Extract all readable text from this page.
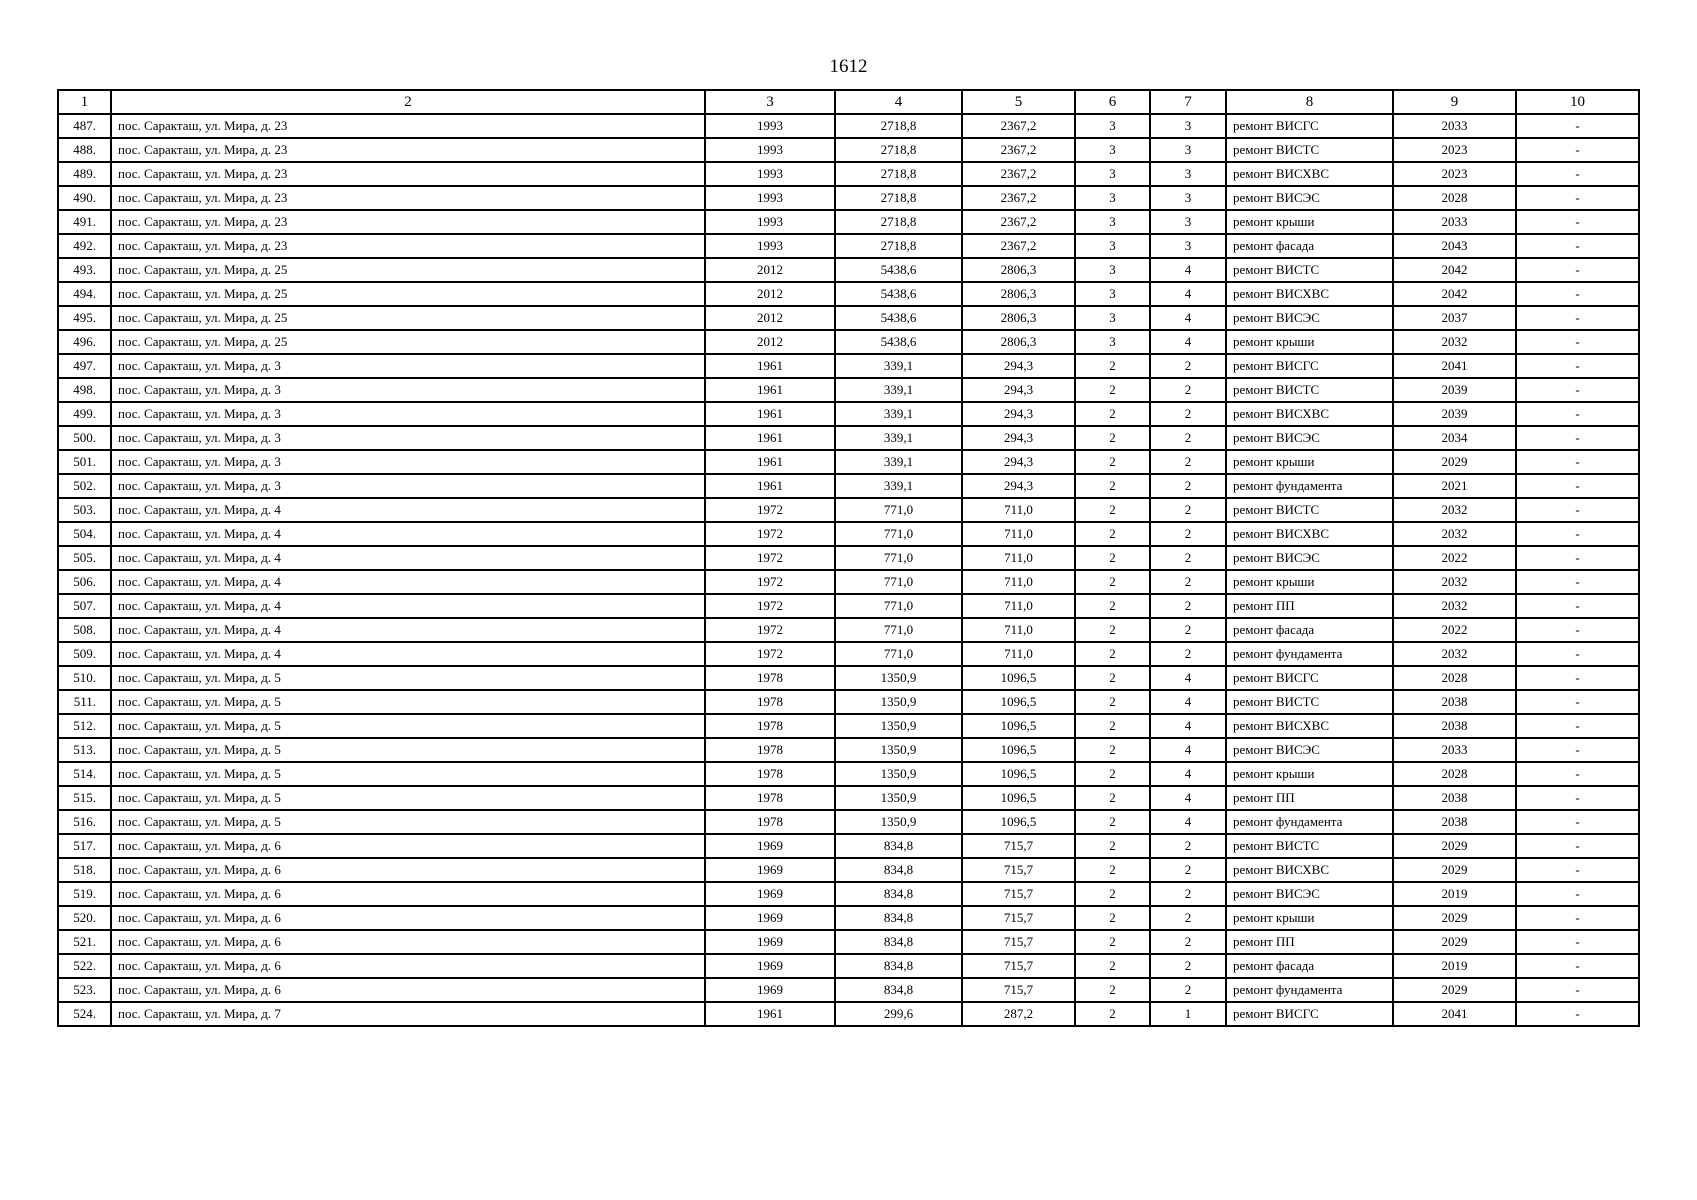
1612
1	2	3	4	5	6	7	8	9	10
487.	пос. Саракташ, ул. Мира, д. 23	1993	2718,8	2367,2	3	3	ремонт ВИСГС	2033	-
488.	пос. Саракташ, ул. Мира, д. 23	1993	2718,8	2367,2	3	3	ремонт ВИСТС	2023	-
489.	пос. Саракташ, ул. Мира, д. 23	1993	2718,8	2367,2	3	3	ремонт ВИСХВС	2023	-
490.	пос. Саракташ, ул. Мира, д. 23	1993	2718,8	2367,2	3	3	ремонт ВИСЭС	2028	-
491.	пос. Саракташ, ул. Мира, д. 23	1993	2718,8	2367,2	3	3	ремонт крыши	2033	-
492.	пос. Саракташ, ул. Мира, д. 23	1993	2718,8	2367,2	3	3	ремонт фасада	2043	-
493.	пос. Саракташ, ул. Мира, д. 25	2012	5438,6	2806,3	3	4	ремонт ВИСТС	2042	-
494.	пос. Саракташ, ул. Мира, д. 25	2012	5438,6	2806,3	3	4	ремонт ВИСХВС	2042	-
495.	пос. Саракташ, ул. Мира, д. 25	2012	5438,6	2806,3	3	4	ремонт ВИСЭС	2037	-
496.	пос. Саракташ, ул. Мира, д. 25	2012	5438,6	2806,3	3	4	ремонт крыши	2032	-
497.	пос. Саракташ, ул. Мира, д. 3	1961	339,1	294,3	2	2	ремонт ВИСГС	2041	-
498.	пос. Саракташ, ул. Мира, д. 3	1961	339,1	294,3	2	2	ремонт ВИСТС	2039	-
499.	пос. Саракташ, ул. Мира, д. 3	1961	339,1	294,3	2	2	ремонт ВИСХВС	2039	-
500.	пос. Саракташ, ул. Мира, д. 3	1961	339,1	294,3	2	2	ремонт ВИСЭС	2034	-
501.	пос. Саракташ, ул. Мира, д. 3	1961	339,1	294,3	2	2	ремонт крыши	2029	-
502.	пос. Саракташ, ул. Мира, д. 3	1961	339,1	294,3	2	2	ремонт фундамента	2021	-
503.	пос. Саракташ, ул. Мира, д. 4	1972	771,0	711,0	2	2	ремонт ВИСТС	2032	-
504.	пос. Саракташ, ул. Мира, д. 4	1972	771,0	711,0	2	2	ремонт ВИСХВС	2032	-
505.	пос. Саракташ, ул. Мира, д. 4	1972	771,0	711,0	2	2	ремонт ВИСЭС	2022	-
506.	пос. Саракташ, ул. Мира, д. 4	1972	771,0	711,0	2	2	ремонт крыши	2032	-
507.	пос. Саракташ, ул. Мира, д. 4	1972	771,0	711,0	2	2	ремонт ПП	2032	-
508.	пос. Саракташ, ул. Мира, д. 4	1972	771,0	711,0	2	2	ремонт фасада	2022	-
509.	пос. Саракташ, ул. Мира, д. 4	1972	771,0	711,0	2	2	ремонт фундамента	2032	-
510.	пос. Саракташ, ул. Мира, д. 5	1978	1350,9	1096,5	2	4	ремонт ВИСГС	2028	-
511.	пос. Саракташ, ул. Мира, д. 5	1978	1350,9	1096,5	2	4	ремонт ВИСТС	2038	-
512.	пос. Саракташ, ул. Мира, д. 5	1978	1350,9	1096,5	2	4	ремонт ВИСХВС	2038	-
513.	пос. Саракташ, ул. Мира, д. 5	1978	1350,9	1096,5	2	4	ремонт ВИСЭС	2033	-
514.	пос. Саракташ, ул. Мира, д. 5	1978	1350,9	1096,5	2	4	ремонт крыши	2028	-
515.	пос. Саракташ, ул. Мира, д. 5	1978	1350,9	1096,5	2	4	ремонт ПП	2038	-
516.	пос. Саракташ, ул. Мира, д. 5	1978	1350,9	1096,5	2	4	ремонт фундамента	2038	-
517.	пос. Саракташ, ул. Мира, д. 6	1969	834,8	715,7	2	2	ремонт ВИСТС	2029	-
518.	пос. Саракташ, ул. Мира, д. 6	1969	834,8	715,7	2	2	ремонт ВИСХВС	2029	-
519.	пос. Саракташ, ул. Мира, д. 6	1969	834,8	715,7	2	2	ремонт ВИСЭС	2019	-
520.	пос. Саракташ, ул. Мира, д. 6	1969	834,8	715,7	2	2	ремонт крыши	2029	-
521.	пос. Саракташ, ул. Мира, д. 6	1969	834,8	715,7	2	2	ремонт ПП	2029	-
522.	пос. Саракташ, ул. Мира, д. 6	1969	834,8	715,7	2	2	ремонт фасада	2019	-
523.	пос. Саракташ, ул. Мира, д. 6	1969	834,8	715,7	2	2	ремонт фундамента	2029	-
524.	пос. Саракташ, ул. Мира, д. 7	1961	299,6	287,2	2	1	ремонт ВИСГС	2041	-
